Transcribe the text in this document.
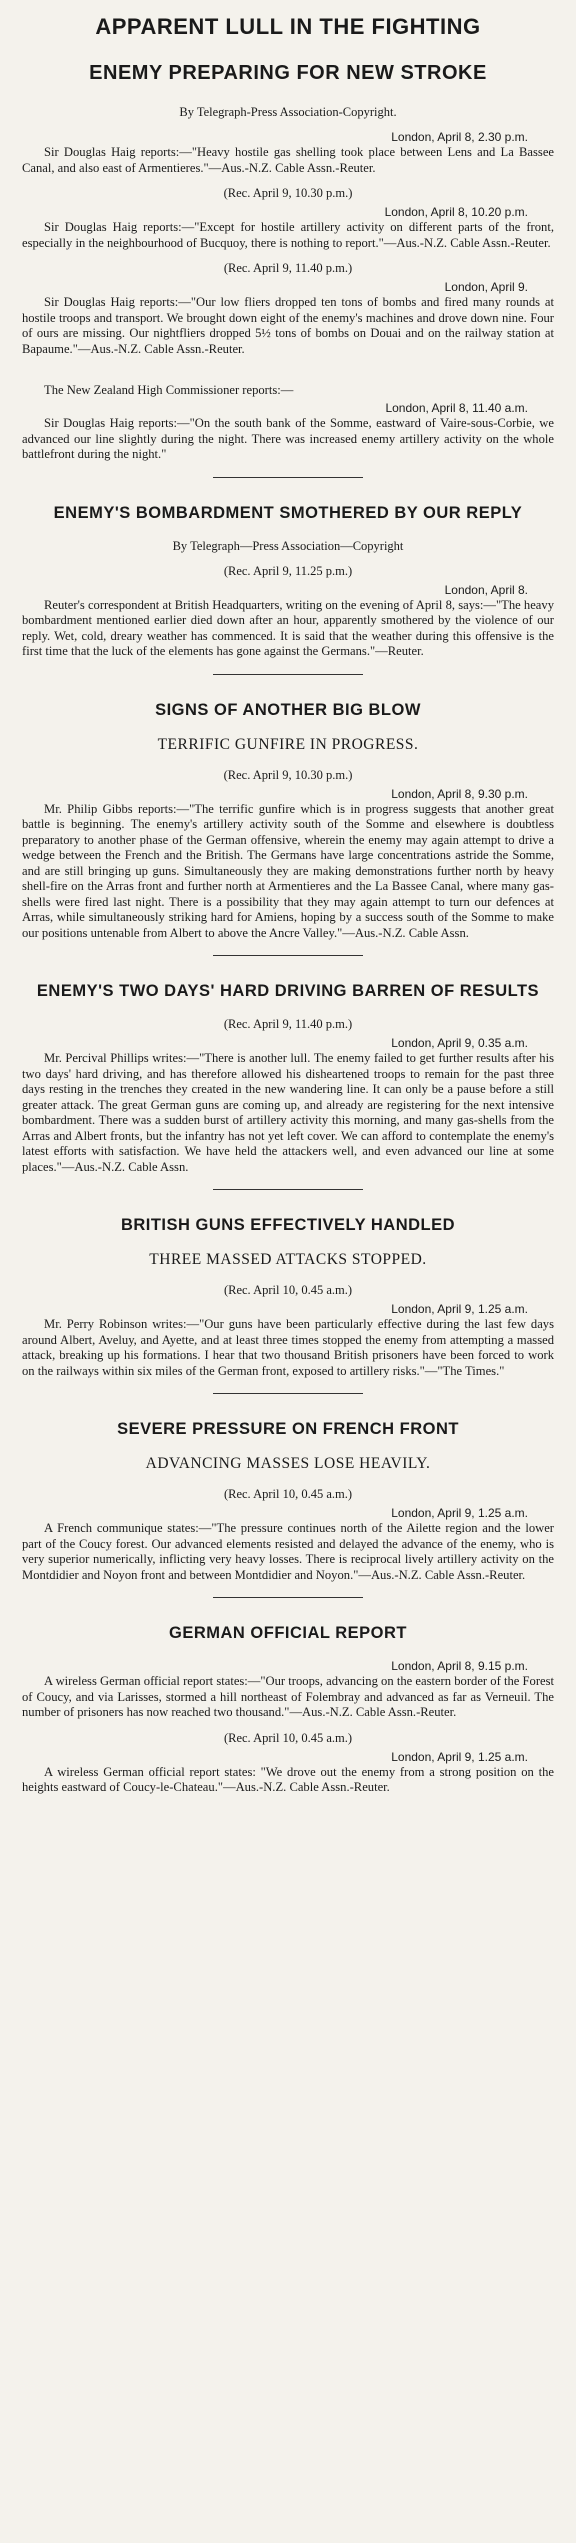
APPARENT LULL IN THE FIGHTING
ENEMY PREPARING FOR NEW STROKE
By Telegraph-Press Association-Copyright.
London, April 8, 2.30 p.m.

Sir Douglas Haig reports:—"Heavy hostile gas shelling took place between Lens and La Bassee Canal, and also east of Armentieres."—Aus.-N.Z. Cable Assn.-Reuter.

(Rec. April 9, 10.30 p.m.)
London, April 8, 10.20 p.m.

Sir Douglas Haig reports:—"Except for hostile artillery activity on different parts of the front, especially in the neighbourhood of Bucquoy, there is nothing to report."—Aus.-N.Z. Cable Assn.-Reuter.

(Rec. April 9, 11.40 p.m.)
London, April 9.

Sir Douglas Haig reports:—"Our low fliers dropped ten tons of bombs and fired many rounds at hostile troops and transport. We brought down eight of the enemy's machines and drove down nine. Four of ours are missing. Our nightfliers dropped 5½ tons of bombs on Douai and on the railway station at Bapaume."—Aus.-N.Z. Cable Assn.-Reuter.

The New Zealand High Commissioner reports:—

London, April 8, 11.40 a.m.

Sir Douglas Haig reports:—"On the south bank of the Somme, eastward of Vaire-sous-Corbie, we advanced our line slightly during the night. There was increased enemy artillery activity on the whole battlefront during the night."

ENEMY'S BOMBARDMENT SMOTHERED BY OUR REPLY
By Telegraph—Press Association—Copyright
(Rec. April 9, 11.25 p.m.)
London, April 8.

Reuter's correspondent at British Headquarters, writing on the evening of April 8, says:—"The heavy bombardment mentioned earlier died down after an hour, apparently smothered by the violence of our reply. Wet, cold, dreary weather has commenced. It is said that the weather during this offensive is the first time that the luck of the elements has gone against the Germans."—Reuter.

SIGNS OF ANOTHER BIG BLOW
TERRIFIC GUNFIRE IN PROGRESS.
(Rec. April 9, 10.30 p.m.)
London, April 8, 9.30 p.m.

Mr. Philip Gibbs reports:—"The terrific gunfire which is in progress suggests that another great battle is beginning. The enemy's artillery activity south of the Somme and elsewhere is doubtless preparatory to another phase of the German offensive, wherein the enemy may again attempt to drive a wedge between the French and the British. The Germans have large concentrations astride the Somme, and are still bringing up guns. Simultaneously they are making demonstrations further north by heavy shell-fire on the Arras front and further north at Armentieres and the La Bassee Canal, where many gas-shells were fired last night. There is a possibility that they may again attempt to turn our defences at Arras, while simultaneously striking hard for Amiens, hoping by a success south of the Somme to make our positions untenable from Albert to above the Ancre Valley."—Aus.-N.Z. Cable Assn.

ENEMY'S TWO DAYS' HARD DRIVING BARREN OF RESULTS
(Rec. April 9, 11.40 p.m.)
London, April 9, 0.35 a.m.

Mr. Percival Phillips writes:—"There is another lull. The enemy failed to get further results after his two days' hard driving, and has therefore allowed his disheartened troops to remain for the past three days resting in the trenches they created in the new wandering line. It can only be a pause before a still greater attack. The great German guns are coming up, and already are registering for the next intensive bombardment. There was a sudden burst of artillery activity this morning, and many gas-shells from the Arras and Albert fronts, but the infantry has not yet left cover. We can afford to contemplate the enemy's latest efforts with satisfaction. We have held the attackers well, and even advanced our line at some places."—Aus.-N.Z. Cable Assn.

BRITISH GUNS EFFECTIVELY HANDLED
THREE MASSED ATTACKS STOPPED.
(Rec. April 10, 0.45 a.m.)
London, April 9, 1.25 a.m.

Mr. Perry Robinson writes:—"Our guns have been particularly effective during the last few days around Albert, Aveluy, and Ayette, and at least three times stopped the enemy from attempting a massed attack, breaking up his formations. I hear that two thousand British prisoners have been forced to work on the railways within six miles of the German front, exposed to artillery risks."—"The Times."

SEVERE PRESSURE ON FRENCH FRONT
ADVANCING MASSES LOSE HEAVILY.
(Rec. April 10, 0.45 a.m.)
London, April 9, 1.25 a.m.

A French communique states:—"The pressure continues north of the Ailette region and the lower part of the Coucy forest. Our advanced elements resisted and delayed the advance of the enemy, who is very superior numerically, inflicting very heavy losses. There is reciprocal lively artillery activity on the Montdidier and Noyon front and between Montdidier and Noyon."—Aus.-N.Z. Cable Assn.-Reuter.

GERMAN OFFICIAL REPORT
London, April 8, 9.15 p.m.

A wireless German official report states:—"Our troops, advancing on the eastern border of the Forest of Coucy, and via Larisses, stormed a hill northeast of Folembray and advanced as far as Verneuil. The number of prisoners has now reached two thousand."—Aus.-N.Z. Cable Assn.-Reuter.

(Rec. April 10, 0.45 a.m.)
London, April 9, 1.25 a.m.

A wireless German official report states: "We drove out the enemy from a strong position on the heights eastward of Coucy-le-Chateau."—Aus.-N.Z. Cable Assn.-Reuter.
